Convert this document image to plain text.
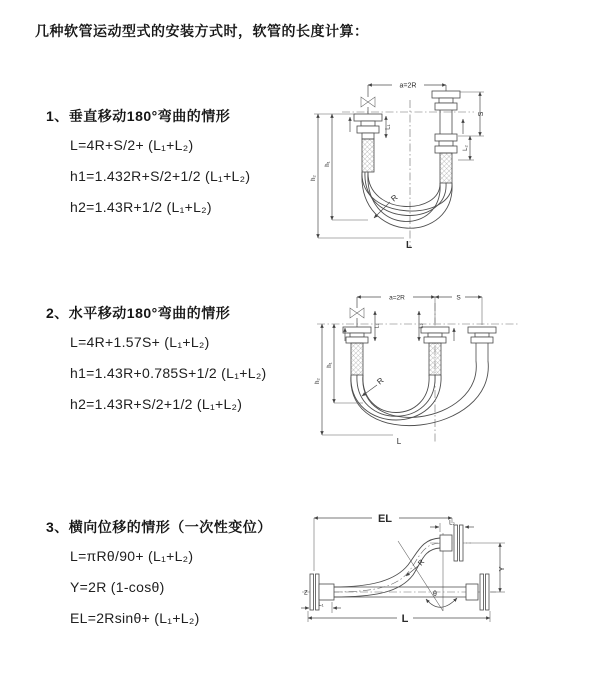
几种软管运动型式的安装方式时，软管的长度计算：
1、垂直移动180°弯曲的情形
L=4R+S/2+ (L₁+L₂)
h1=1.432R+S/2+1/2 (L₁+L₂)
h2=1.43R+1/2 (L₁+L₂)
2、水平移动180°弯曲的情形
L=4R+1.57S+ (L₁+L₂)
h1=1.43R+0.785S+1/2 (L₁+L₂)
h2=1.43R+S/2+1/2 (L₁+L₂)
3、横向位移的情形（一次性变位）
L=πRθ/90+ (L₁+L₂)
Y=2R (1-cosθ)
EL=2Rsinθ+ (L₁+L₂)
a=2R
S
L₂
L₁
h₁
h₂
R
L
a=2R	S
L₁	L₂
h₁
h₂	R
L
Z	θ
EL	L₂
Y
R
L₁
L
